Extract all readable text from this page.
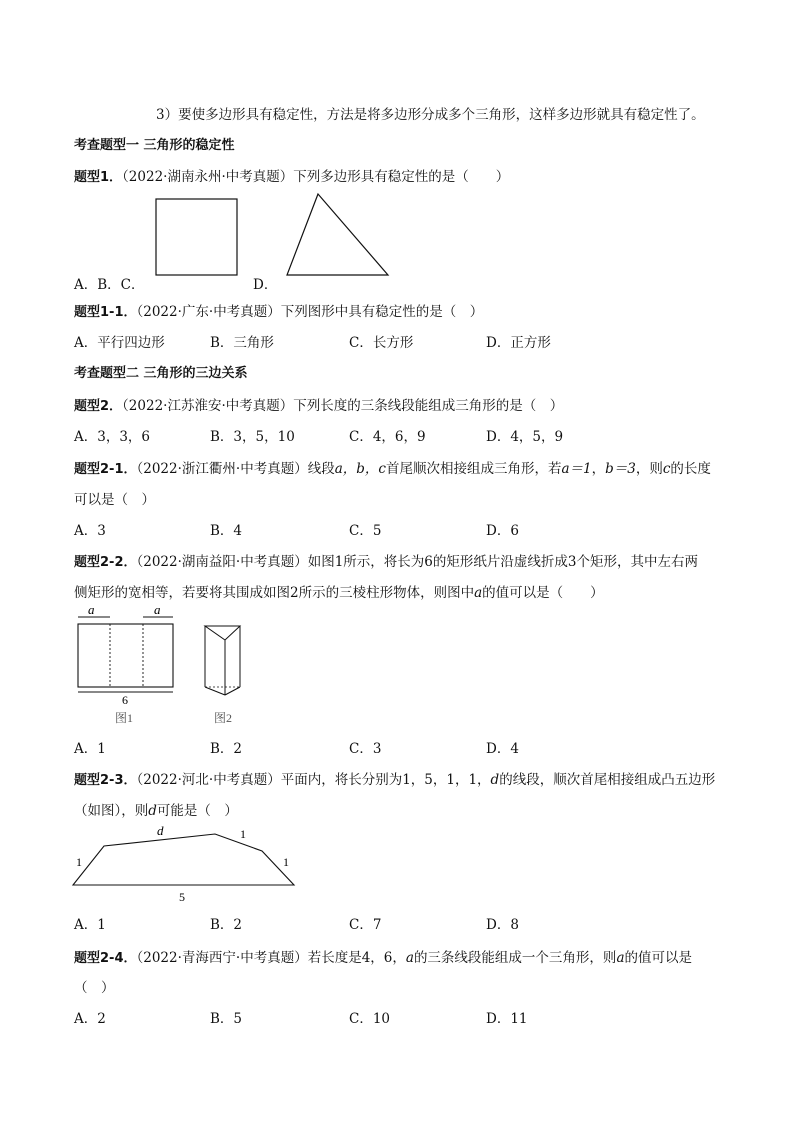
3）要使多边形具有稳定性，方法是将多边形分成多个三角形，这样多边形就具有稳定性了。
考查题型一 三角形的稳定性
题型1．（2022·湖南永州·中考真题）下列多边形具有稳定性的是（　　）
A．B．C．	D．
题型1-1．（2022·广东·中考真题）下列图形中具有稳定性的是（　）
A．平行四边形	B．三角形	C．长方形	D．正方形
考查题型二 三角形的三边关系
题型2．（2022·江苏淮安·中考真题）下列长度的三条线段能组成三角形的是（　）
A．3，3，6	B．3，5，10	C．4，6，9	D．4，5，9
题型2-1．（2022·浙江衢州·中考真题）线段a，b，c首尾顺次相接组成三角形，若a＝1，b＝3，则c的长度
可以是（　）
A．3	B．4	C．5	D．6
题型2-2．（2022·湖南益阳·中考真题）如图1所示，将长为6的矩形纸片沿虚线折成3个矩形，其中左右两
侧矩形的宽相等，若要将其围成如图2所示的三棱柱形物体，则图中a的值可以是（　　）
a	a
6
图1	图2
A．1	B．2	C．3	D．4
题型2-3．（2022·河北·中考真题）平面内，将长分别为1，5，1，1，d的线段，顺次首尾相接组成凸五边形
（如图），则d可能是（　）
d	1
1	1
5
A．1	B．2	C．7	D．8
题型2-4．（2022·青海西宁·中考真题）若长度是4，6，a的三条线段能组成一个三角形，则a的值可以是
（　）
A．2	B．5	C．10	D．11
